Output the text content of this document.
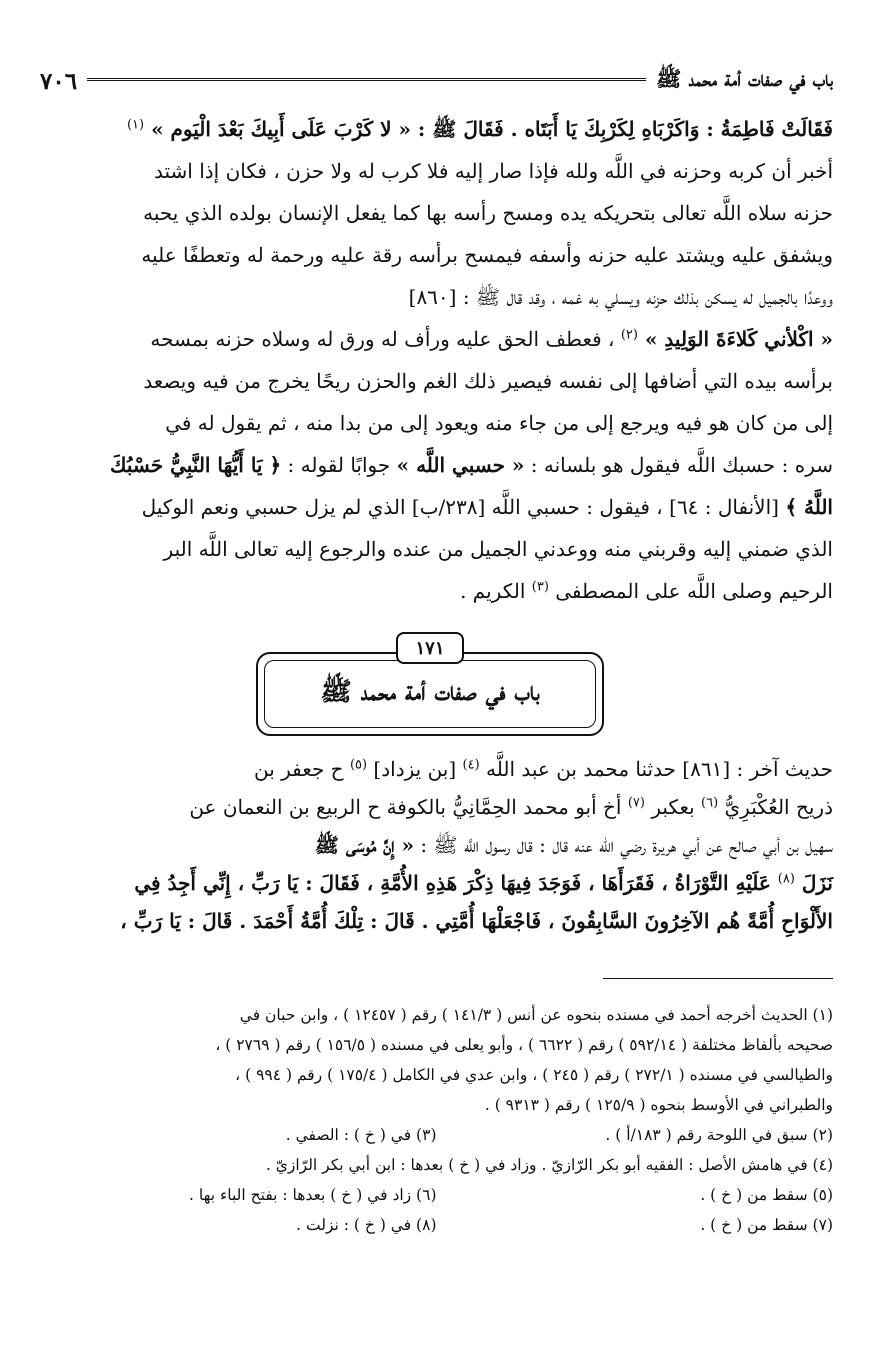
باب في صفات أمة محمد ﷺ
٧٠٦

فَقَالَتْ فَاطِمَةُ : وَاكَرْبَاهِ لِكَرْبِكَ يَا أَبَتَاه . فَقَالَ ﷺ : « لا كَرْبَ عَلَى أَبِيكَ بَعْدَ الْيَوم » $^{(١)}$

أخبر أن كربه وحزنه في اللَّه ولله فإذا صار إليه فلا كرب له ولا حزن ، فكان إذا اشتد

حزنه سلاه اللَّه تعالى بتحريكه يده ومسح رأسه بها كما يفعل الإنسان بولده الذي يحبه

ويشفق عليه ويشتد عليه حزنه وأسفه فيمسح برأسه رقة عليه ورحمة له وتعطفًا عليه

ووعدًا بالجميل له يسكن بذلك حزنه ويسلي به غمه ، وقد قال ﷺ : [٨٦٠]

« اكْلأني كَلاءَةَ الوَلِيدِ » $^{(٢)}$ ، فعطف الحق عليه ورأف له ورق له وسلاه حزنه بمسحه

برأسه بيده التي أضافها إلى نفسه فيصير ذلك الغم والحزن ريحًا يخرج من فيه ويصعد

إلى من كان هو فيه ويرجع إلى من جاء منه ويعود إلى من بدا منه ، ثم يقول له في

سره : حسبك اللَّه فيقول هو بلسانه : « حسبي اللَّه » جوابًا لقوله : ﴿ يَا أَيُّهَا النَّبِيُّ حَسْبُكَ

اللَّهُ ﴾ [الأنفال : ٦٤] ، فيقول : حسبي اللَّه [٢٣٨/ب] الذي لم يزل حسبي ونعم الوكيل

الذي ضمني إليه وقربني منه ووعدني الجميل من عنده والرجوع إليه تعالى اللَّه البر

الرحيم وصلى اللَّه على المصطفى $^{(٣)}$ الكريم .

باب في صفات أمة محمد ﷺ
١٧١

حديث آخر : [٨٦١] حدثنا محمد بن عبد اللَّه $^{(٤)}$ [بن يزداد] $^{(٥)}$ ح جعفر بن

ذريح العُكْبَرِيُّ $^{(٦)}$ بعكبر $^{(٧)}$ أخ أبو محمد الحِمَّانِيُّ بالكوفة ح الربيع بن النعمان عن

سهيل بن أبي صالح عن أبي هريرة رضي الله عنه قال : قال رسول اللَّه ﷺ : « إِنَّ مُوسَى ﷺ

نَزَلَ $^{(٨)}$ عَلَيْهِ التَّوْرَاةُ ، فَقَرَأَهَا ، فَوَجَدَ فِيهَا ذِكْرَ هَذِهِ الأُمَّةِ ، فَقَالَ : يَا رَبِّ ، إِنِّي أَجِدُ فِي

الأَلْوَاحِ أُمَّةً هُم الآخِرُونَ السَّابِقُونَ ، فَاجْعَلْهَا أُمَّتِي . قَالَ : تِلْكَ أُمَّةُ أَحْمَدَ . قَالَ : يَا رَبِّ ،

(١) الحديث أخرجه أحمد في مسنده بنحوه عن أنس ( ١٤١/٣ ) رقم ( ١٢٤٥٧ ) ، وابن حبان في

صحيحه بألفاظ مختلفة ( ٥٩٢/١٤ ) رقم ( ٦٦٢٢ ) ، وأبو يعلى في مسنده ( ١٥٦/٥ ) رقم ( ٢٧٦٩ ) ،

والطيالسي في مسنده ( ٢٧٢/١ ) رقم ( ٢٤٥ ) ، وابن عدي في الكامل ( ١٧٥/٤ ) رقم ( ٩٩٤ ) ،

والطبراني في الأوسط بنحوه ( ١٢٥/٩ ) رقم ( ٩٣١٣ ) .

(٢) سبق في اللوحة رقم ( ١٨٣/أ ) .
(٣) في ( خ ) : الصفي .

(٤) في هامش الأصل : الفقيه أبو بكر الرّازيّ . وزاد في ( خ ) بعدها : ابن أبي بكر الرّازيّ .

(٥) سقط من ( خ ) .
(٦) زاد في ( خ ) بعدها : بفتح الباء بها .
(٧) سقط من ( خ ) .
(٨) في ( خ ) : نزلت .
